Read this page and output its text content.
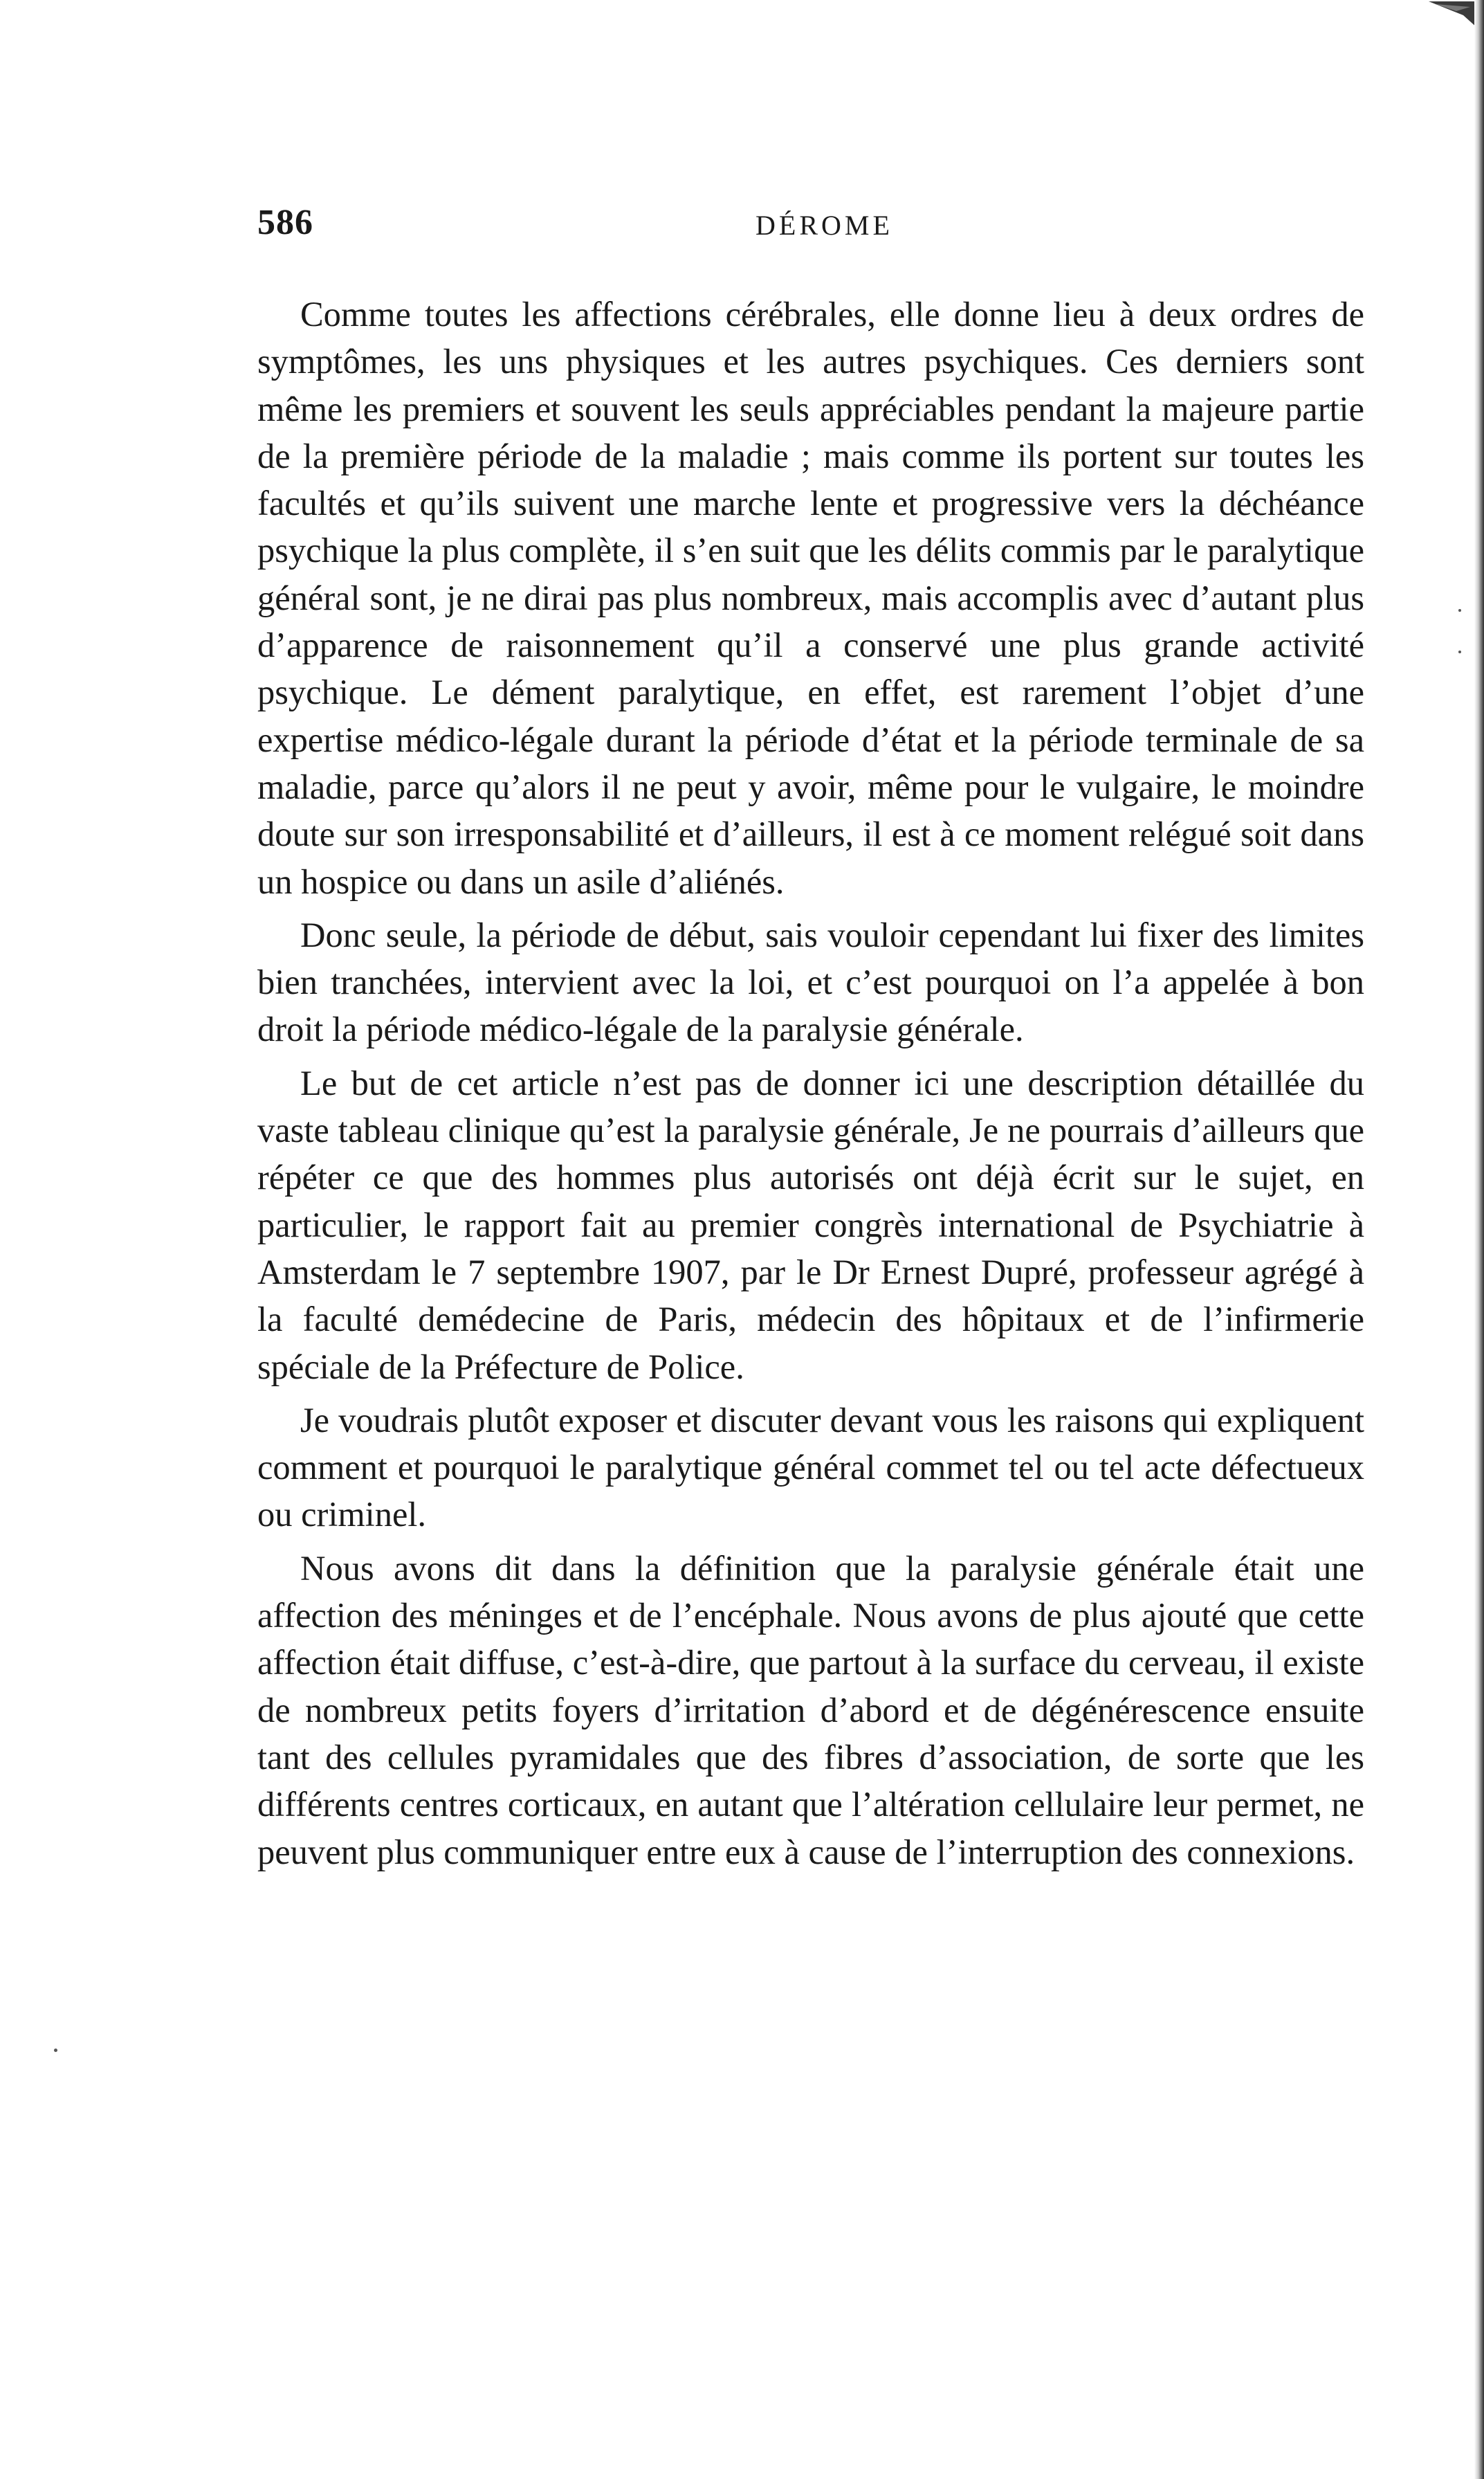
586	DÉROME

Comme toutes les affections cérébrales, elle donne lieu à deux ordres de symptômes, les uns physiques et les autres psychiques. Ces derniers sont même les premiers et souvent les seuls appréciables pendant la majeure partie de la première période de la maladie ; mais comme ils portent sur toutes les facultés et qu’ils suivent une marche lente et progressive vers la déchéance psychique la plus complète, il s’en suit que les délits commis par le paralytique général sont, je ne dirai pas plus nombreux, mais accomplis avec d’autant plus d’apparence de raisonnement qu’il a conservé une plus grande activité psychique. Le dément paralytique, en effet, est rarement l’objet d’une expertise médico-légale durant la période d’état et la période terminale de sa maladie, parce qu’alors il ne peut y avoir, même pour le vulgaire, le moindre doute sur son irresponsabilité et d’ailleurs, il est à ce moment relégué soit dans un hospice ou dans un asile d’aliénés.

Donc seule, la période de début, sais vouloir cependant lui fixer des limites bien tranchées, intervient avec la loi, et c’est pourquoi on l’a appelée à bon droit la période médico-légale de la paralysie générale.

Le but de cet article n’est pas de donner ici une description détaillée du vaste tableau clinique qu’est la paralysie générale, Je ne pourrais d’ailleurs que répéter ce que des hommes plus autorisés ont déjà écrit sur le sujet, en particulier, le rapport fait au premier congrès international de Psychiatrie à Amsterdam le 7 septembre 1907, par le Dr Ernest Dupré, professeur agrégé à la faculté demédecine de Paris, médecin des hôpitaux et de l’infirmerie spéciale de la Préfecture de Police.

Je voudrais plutôt exposer et discuter devant vous les raisons qui expliquent comment et pourquoi le paralytique général commet tel ou tel acte défectueux ou criminel.

Nous avons dit dans la définition que la paralysie générale était une affection des méninges et de l’encéphale. Nous avons de plus ajouté que cette affection était diffuse, c’est-à-dire, que partout à la surface du cerveau, il existe de nombreux petits foyers d’irritation d’abord et de dégénérescence ensuite tant des cellules pyramidales que des fibres d’association, de sorte que les différents centres corticaux, en autant que l’altération cellulaire leur permet, ne peuvent plus communiquer entre eux à cause de l’interruption des connexions.
